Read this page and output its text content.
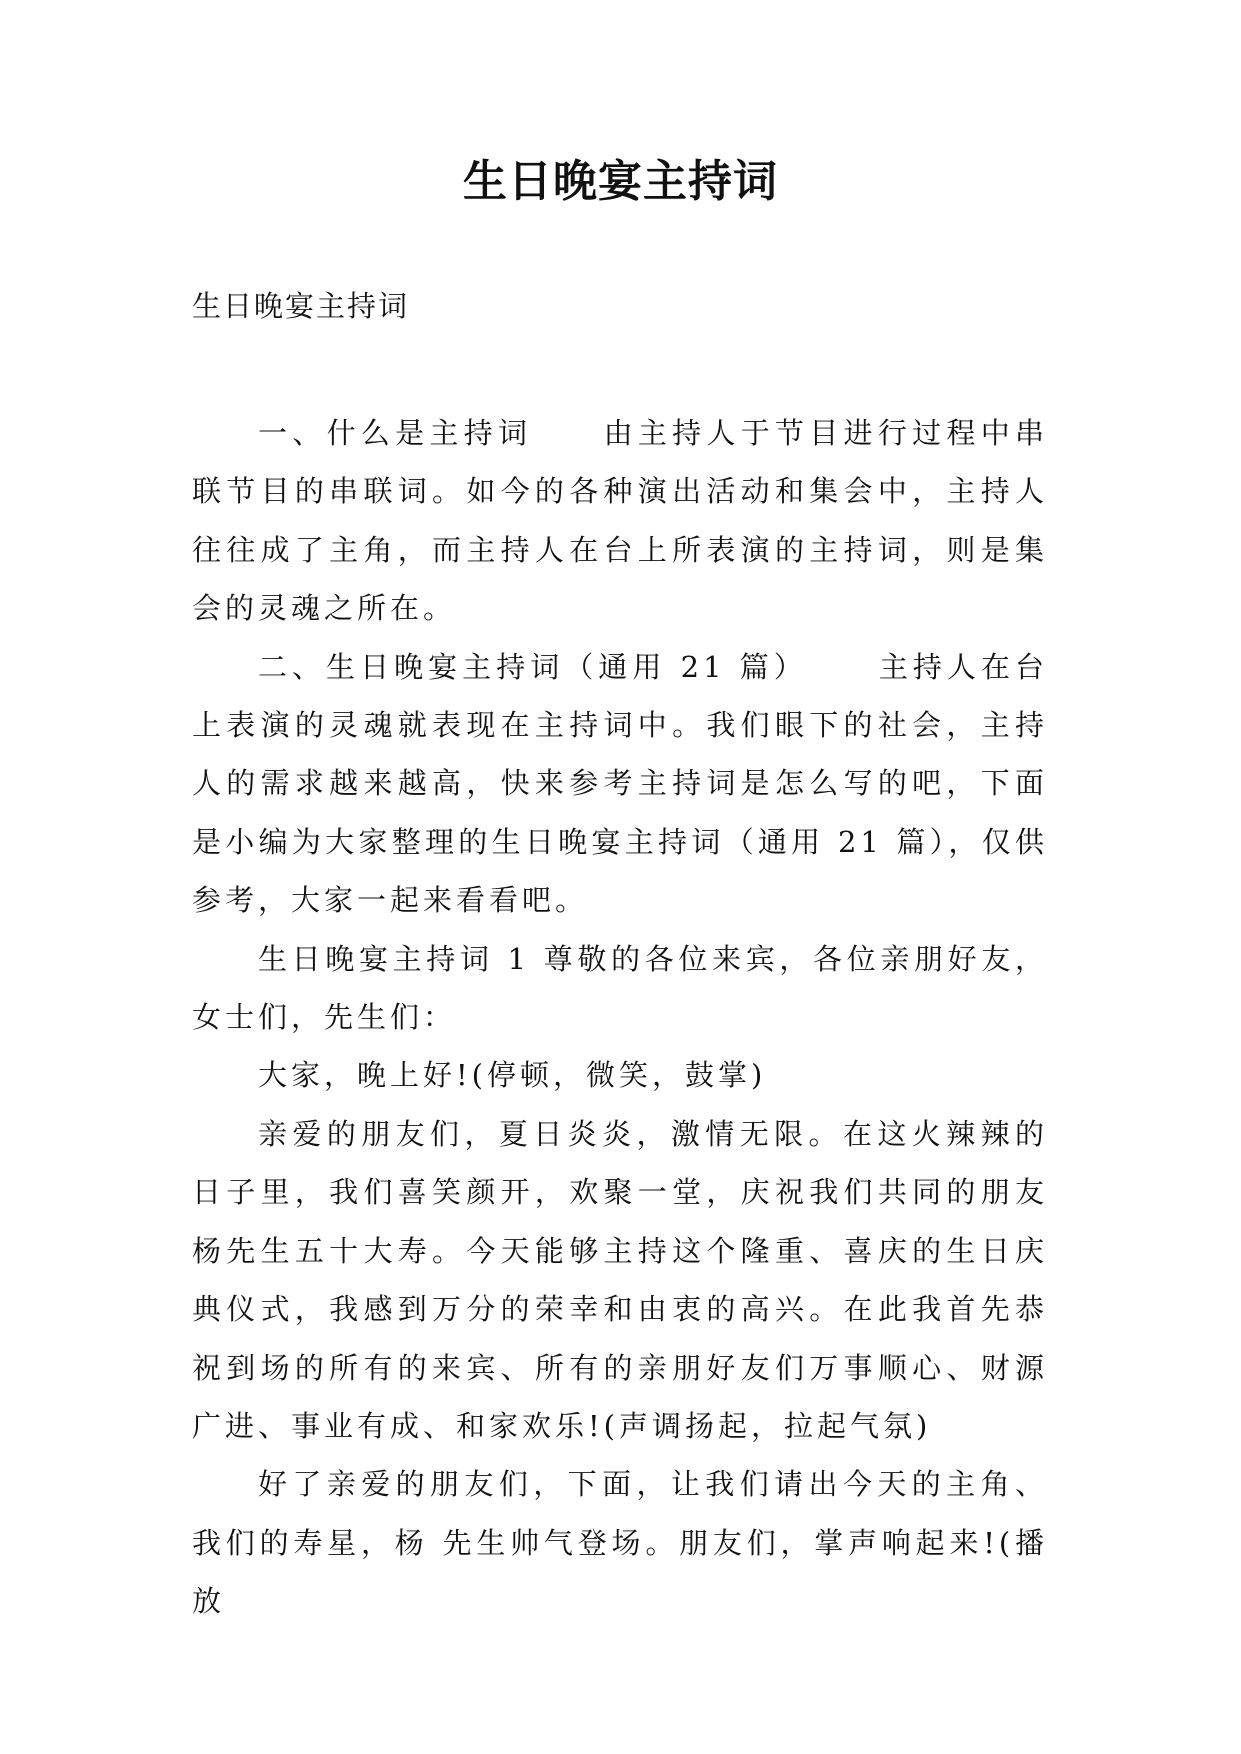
生日晚宴主持词
生日晚宴主持词

一、什么是主持词 由主持人于节目进行过程中串联节目的串联词。如今的各种演出活动和集会中，主持人往往成了主角，而主持人在台上所表演的主持词，则是集会的灵魂之所在。

二、生日晚宴主持词（通用 21 篇） 主持人在台上表演的灵魂就表现在主持词中。我们眼下的社会，主持人的需求越来越高，快来参考主持词是怎么写的吧，下面是小编为大家整理的生日晚宴主持词（通用 21 篇），仅供参考，大家一起来看看吧。

生日晚宴主持词 1 尊敬的各位来宾，各位亲朋好友，女士们，先生们：

大家，晚上好!(停顿，微笑，鼓掌)

亲爱的朋友们，夏日炎炎，激情无限。在这火辣辣的日子里，我们喜笑颜开，欢聚一堂，庆祝我们共同的朋友杨先生五十大寿。今天能够主持这个隆重、喜庆的生日庆典仪式，我感到万分的荣幸和由衷的高兴。在此我首先恭祝到场的所有的来宾、所有的亲朋好友们万事顺心、财源广进、事业有成、和家欢乐!(声调扬起，拉起气氛)

好了亲爱的朋友们，下面，让我们请出今天的主角、我们的寿星，杨 先生帅气登场。朋友们，掌声响起来!(播放
